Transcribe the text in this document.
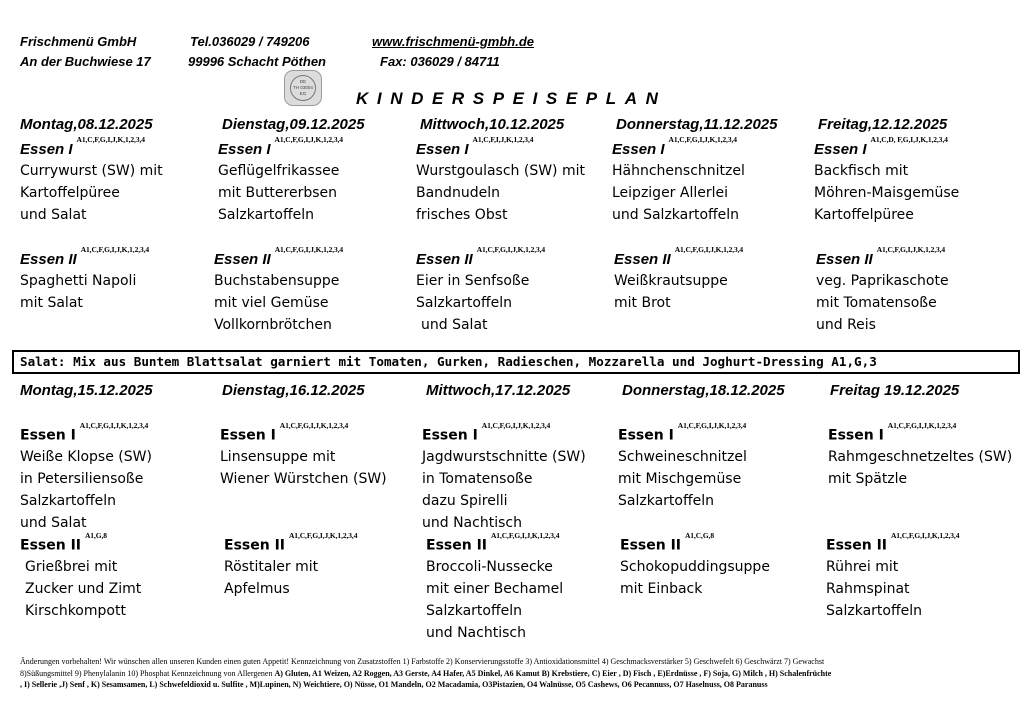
Frischmenü GmbH
An der Buchwiese 17
Tel.036029 / 749206
99996 Schacht Pöthen
www.frischmenü-gmbh.de
Fax: 036029 / 84711
DE
TH 03004
EG	KINDERSPEISEPLAN
Montag,08.12.2025
Essen $I^{A1,C,F,G,I,J,K,1,2,3,4}$
Currywurst (SW) mit
Kartoffelpüree
und Salat
Essen $II^{A1,C,F,G,I,J,K,1,2,3,4}$
Spaghetti Napoli
mit Salat
Dienstag,09.12.2025
Essen $I^{A1,C,F,G,I,J,K,1,2,3,4}$
Geflügelfrikassee
mit Buttererbsen
Salzkartoffeln
Essen $II^{A1,C,F,G,I,J,K,1,2,3,4}$
Buchstabensuppe
mit viel Gemüse
Vollkornbrötchen
Mittwoch,10.12.2025
Essen $I^{A1,C,F,I,J,K,1,2,3,4}$
Wurstgoulasch (SW) mit
Bandnudeln
frisches Obst
Essen $II^{A1,C,F,G,I,J,K,1,2,3,4}$
Eier in Senfsoße
Salzkartoffeln
und Salat
Donnerstag,11.12.2025
Essen $I^{A1,C,F,G,I,J,K,1,2,3,4}$
Hähnchenschnitzel
Leipziger Allerlei
und Salzkartoffeln
Essen $II^{A1,C,F,G,I,J,K,1,2,3,4}$
Weißkrautsuppe
mit Brot
Freitag,12.12.2025
Essen $I^{A1,C,D, F,G,I,J,K,1,2,3,4}$
Backfisch mit
Möhren-Maisgemüse
Kartoffelpüree
Essen $II^{A1,C,F,G,I,J,K,1,2,3,4}$
veg. Paprikaschote
mit Tomatensoße
und Reis
Salat: Mix aus Buntem Blattsalat garniert mit Tomaten, Gurken, Radieschen, Mozzarella und Joghurt-Dressing A1,G,3
Montag,15.12.2025
Essen $I^{A1,C,F,G,I,J,K,1,2,3,4}$
Weiße Klopse (SW)
in Petersiliensoße
Salzkartoffeln
und Salat
Essen $II^{A1,G,8}$
Grießbrei mit
Zucker und Zimt
Kirschkompott
Dienstag,16.12.2025
Essen $I^{A1,C,F,G,I,J,K,1,2,3,4}$
Linsensuppe mit
Wiener Würstchen (SW)
Essen $II^{A1,C,F,G,I,J,K,1,2,3,4}$
Röstitaler mit
Apfelmus
Mittwoch,17.12.2025
Essen $I^{A1,C,F,G,I,J,K,1,2,3,4}$
Jagdwurstschnitte (SW)
in Tomatensoße
dazu Spirelli
und Nachtisch
Essen $II^{A1,C,F,G,I,J,K,1,2,3,4}$
Broccoli-Nussecke
mit einer Bechamel
Salzkartoffeln
und Nachtisch
Donnerstag,18.12.2025
Essen $I^{A1,C,F,G,I,J,K,1,2,3,4}$
Schweineschnitzel
mit Mischgemüse
Salzkartoffeln
Essen $II^{A1,C,G,8}$
Schokopuddingsuppe
mit Einback
Freitag 19.12.2025
Essen $I^{A1,C,F,G,I,J,K,1,2,3,4}$
Rahmgeschnetzeltes (SW)
mit Spätzle
Essen $II^{A1,C,F,G,I,J,K,1,2,3,4}$
Rührei mit
Rahmspinat
Salzkartoffeln
Änderungen vorbehalten! Wir wünschen allen unseren Kunden einen guten Appetit! Kennzeichnung von Zusatzstoffen 1) Farbstoffe 2) Konservierungsstoffe 3) Antioxidationsmittel 4) Geschmacksverstärker 5) Geschwefelt 6) Geschwärzt 7) Gewachst
8)Süßungsmittel 9) Phenylalanin 10) Phosphat Kennzeichnung von Allergenen A) Gluten, A1 Weizen, A2 Roggen, A3 Gerste, A4 Hafer, A5 Dinkel, A6 Kamut B) Krebstiere, C) Eier , D) Fisch , E)Erdnüsse , F) Soja, G) Milch , H) Schalenfrüchte
, I) Sellerie ,J) Senf , K) Sesamsamen, L) Schwefeldioxid u. Sulfite , M)Lupinen, N) Weichtiere, O) Nüsse, O1 Mandeln, O2 Macadamia, O3Pistazien, O4 Walnüsse, O5 Cashews, O6 Pecannuss, O7 Haselnuss, O8 Paranuss
